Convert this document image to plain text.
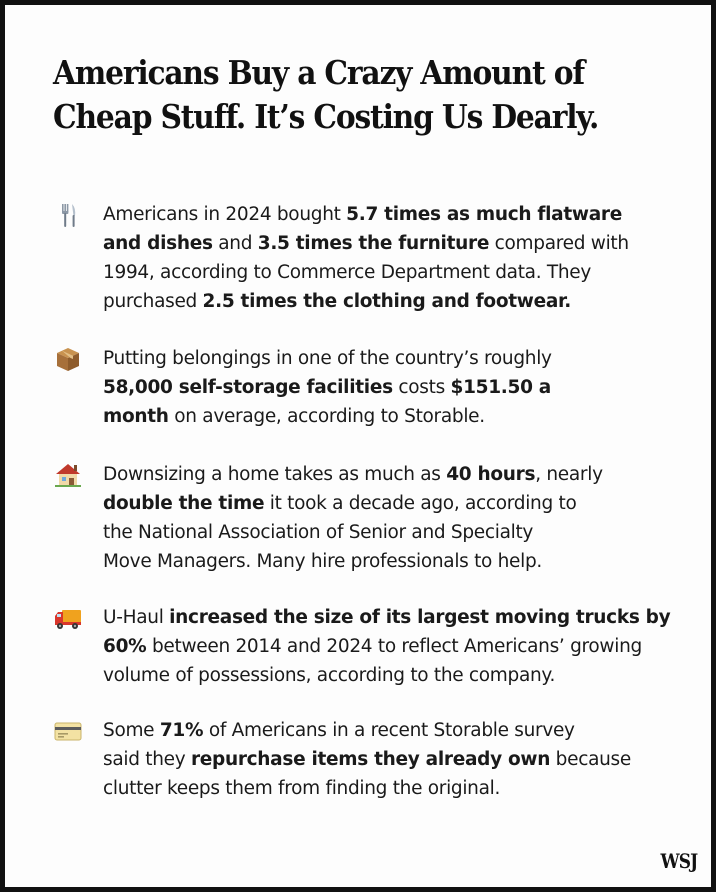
Americans Buy a Crazy Amount of
Cheap Stuff. It’s Costing Us Dearly.
Americans in 2024 bought 5.7 times as much flatware
and dishes and 3.5 times the furniture compared with
1994, according to Commerce Department data. They
purchased 2.5 times the clothing and footwear.
Putting belongings in one of the country’s roughly
58,000 self-storage facilities costs $151.50 a
month on average, according to Storable.
Downsizing a home takes as much as 40 hours, nearly
double the time it took a decade ago, according to
the National Association of Senior and Specialty
Move Managers. Many hire professionals to help.
U-Haul increased the size of its largest moving trucks by
60% between 2014 and 2024 to reflect Americans’ growing
volume of possessions, according to the company.
Some 71% of Americans in a recent Storable survey
said they repurchase items they already own because
clutter keeps them from finding the original.
WSJ
